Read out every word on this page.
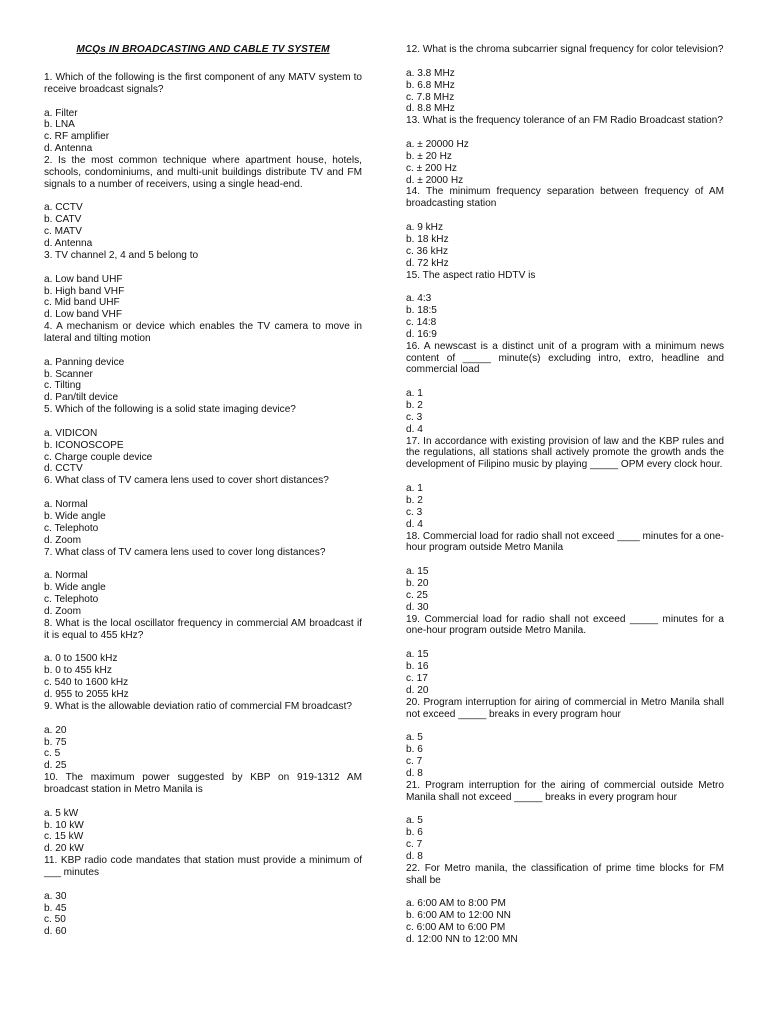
MCQs IN BROADCASTING AND CABLE TV SYSTEM
1. Which of the following is the first component of any MATV system to receive broadcast signals?
a. Filter
b. LNA
c. RF amplifier
d. Antenna
2. Is the most common technique where apartment house, hotels, schools, condominiums, and multi-unit buildings distribute TV and FM signals to a number of receivers, using a single head-end.
a. CCTV
b. CATV
c. MATV
d. Antenna
3. TV channel 2, 4 and 5 belong to
a. Low band UHF
b. High band VHF
c. Mid band UHF
d. Low band VHF
4. A mechanism or device which enables the TV camera to move in lateral and tilting motion
a. Panning device
b. Scanner
c. Tilting
d. Pan/tilt device
5. Which of the following is a solid state imaging device?
a. VIDICON
b. ICONOSCOPE
c. Charge couple device
d. CCTV
6. What class of TV camera lens used to cover short distances?
a. Normal
b. Wide angle
c. Telephoto
d. Zoom
7. What class of TV camera lens used to cover long distances?
a. Normal
b. Wide angle
c. Telephoto
d. Zoom
8. What is the local oscillator frequency in commercial AM broadcast if it is equal to 455 kHz?
a. 0 to 1500 kHz
b. 0 to 455 kHz
c. 540 to 1600 kHz
d. 955 to 2055 kHz
9. What is the allowable deviation ratio of commercial FM broadcast?
a. 20
b. 75
c. 5
d. 25
10. The maximum power suggested by KBP on 919-1312 AM broadcast station in Metro Manila is
a. 5 kW
b. 10 kW
c. 15 kW
d. 20 kW
11. KBP radio code mandates that station must provide a minimum of ___ minutes
a. 30
b. 45
c. 50
d. 60
12. What is the chroma subcarrier signal frequency for color television?
a. 3.8 MHz
b. 6.8 MHz
c. 7.8 MHz
d. 8.8 MHz
13. What is the frequency tolerance of an FM Radio Broadcast station?
a. ± 20000 Hz
b. ± 20 Hz
c. ± 200 Hz
d. ± 2000 Hz
14. The minimum frequency separation between frequency of AM broadcasting station
a. 9 kHz
b. 18 kHz
c. 36 kHz
d. 72 kHz
15. The aspect ratio HDTV is
a. 4:3
b. 18:5
c. 14:8
d. 16:9
16. A newscast is a distinct unit of a program with a minimum news content of _____ minute(s) excluding intro, extro, headline and commercial load
a. 1
b. 2
c. 3
d. 4
17. In accordance with existing provision of law and the KBP rules and the regulations, all stations shall actively promote the growth ands the development of Filipino music by playing _____ OPM every clock hour.
a. 1
b. 2
c. 3
d. 4
18. Commercial load for radio shall not exceed ____ minutes for a one-hour program outside Metro Manila
a. 15
b. 20
c. 25
d. 30
19. Commercial load for radio shall not exceed _____ minutes for a one-hour program outside Metro Manila.
a. 15
b. 16
c. 17
d. 20
20. Program interruption for airing of commercial in Metro Manila shall not exceed _____ breaks in every program hour
a. 5
b. 6
c. 7
d. 8
21. Program interruption for the airing of commercial outside Metro Manila shall not exceed _____ breaks in every program hour
a. 5
b. 6
c. 7
d. 8
22. For Metro manila, the classification of prime time blocks for FM shall be
a. 6:00 AM to 8:00 PM
b. 6:00 AM to 12:00 NN
c. 6:00 AM to 6:00 PM
d. 12:00 NN to 12:00 MN
